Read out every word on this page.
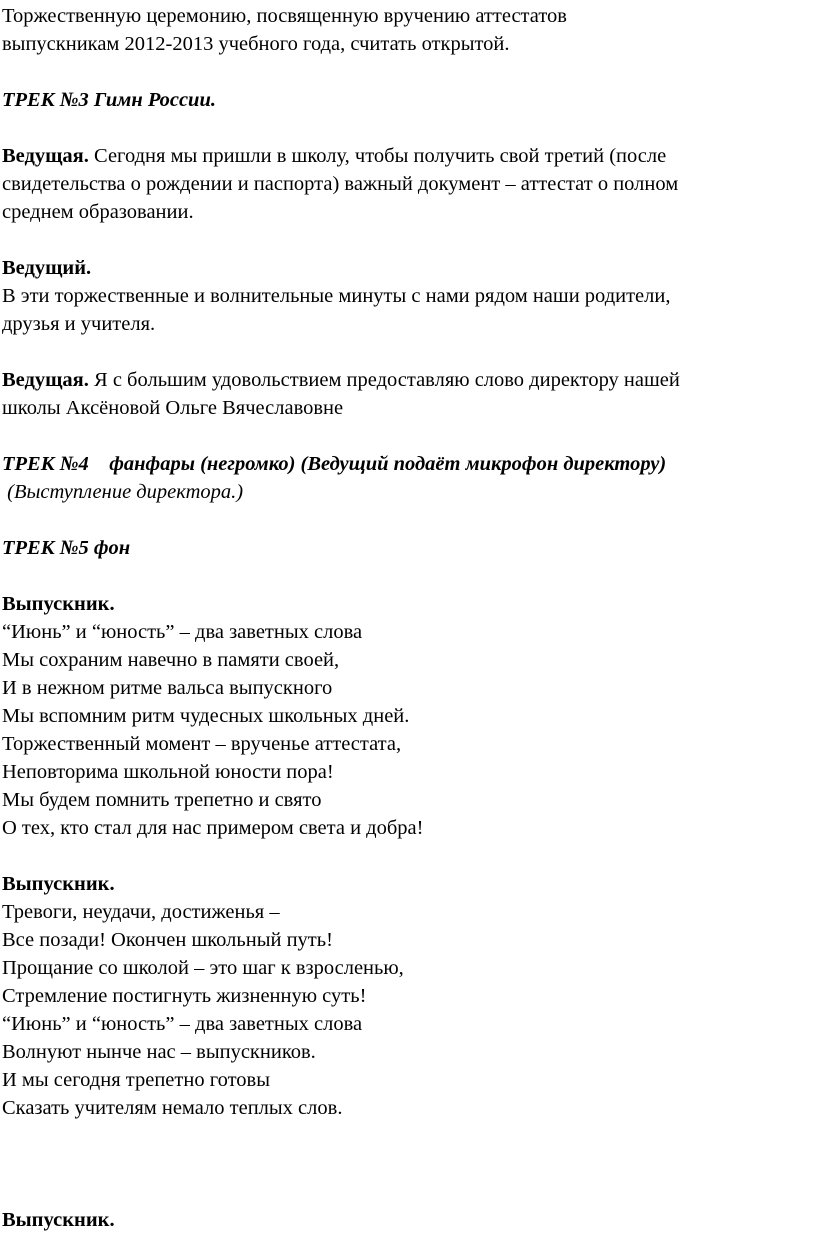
Торжественную церемонию, посвященную вручению аттестатов
выпускникам 2012-2013 учебного года, считать открытой.
ТРЕК №3 Гимн России.
Ведущая. Сегодня мы пришли в школу, чтобы получить свой третий (после
свидетельства о рождении и паспорта) важный документ – аттестат о полном
среднем образовании.
Ведущий.
В эти торжественные и волнительные минуты с нами рядом наши родители,
друзья и учителя.
Ведущая. Я с большим удовольствием предоставляю слово директору нашей
школы Аксёновой Ольге Вячеславовне
ТРЕК №4    фанфары (негромко) (Ведущий подаёт микрофон директору)
(Выступление директора.)
ТРЕК №5 фон
Выпускник.
“Июнь” и “юность” – два заветных слова
Мы сохраним навечно в памяти своей,
И в нежном ритме вальса выпускного
Мы вспомним ритм чудесных школьных дней.
Торжественный момент – врученье аттестата,
Неповторима школьной юности пора!
Мы будем помнить трепетно и свято
О тех, кто стал для нас примером света и добра!
Выпускник.
Тревоги, неудачи, достиженья –
Все позади! Окончен школьный путь!
Прощание со школой – это шаг к взросленью,
Стремление постигнуть жизненную суть!
“Июнь” и “юность” – два заветных слова
Волнуют нынче нас – выпускников.
И мы сегодня трепетно готовы
Сказать учителям немало теплых слов.
Выпускник.
